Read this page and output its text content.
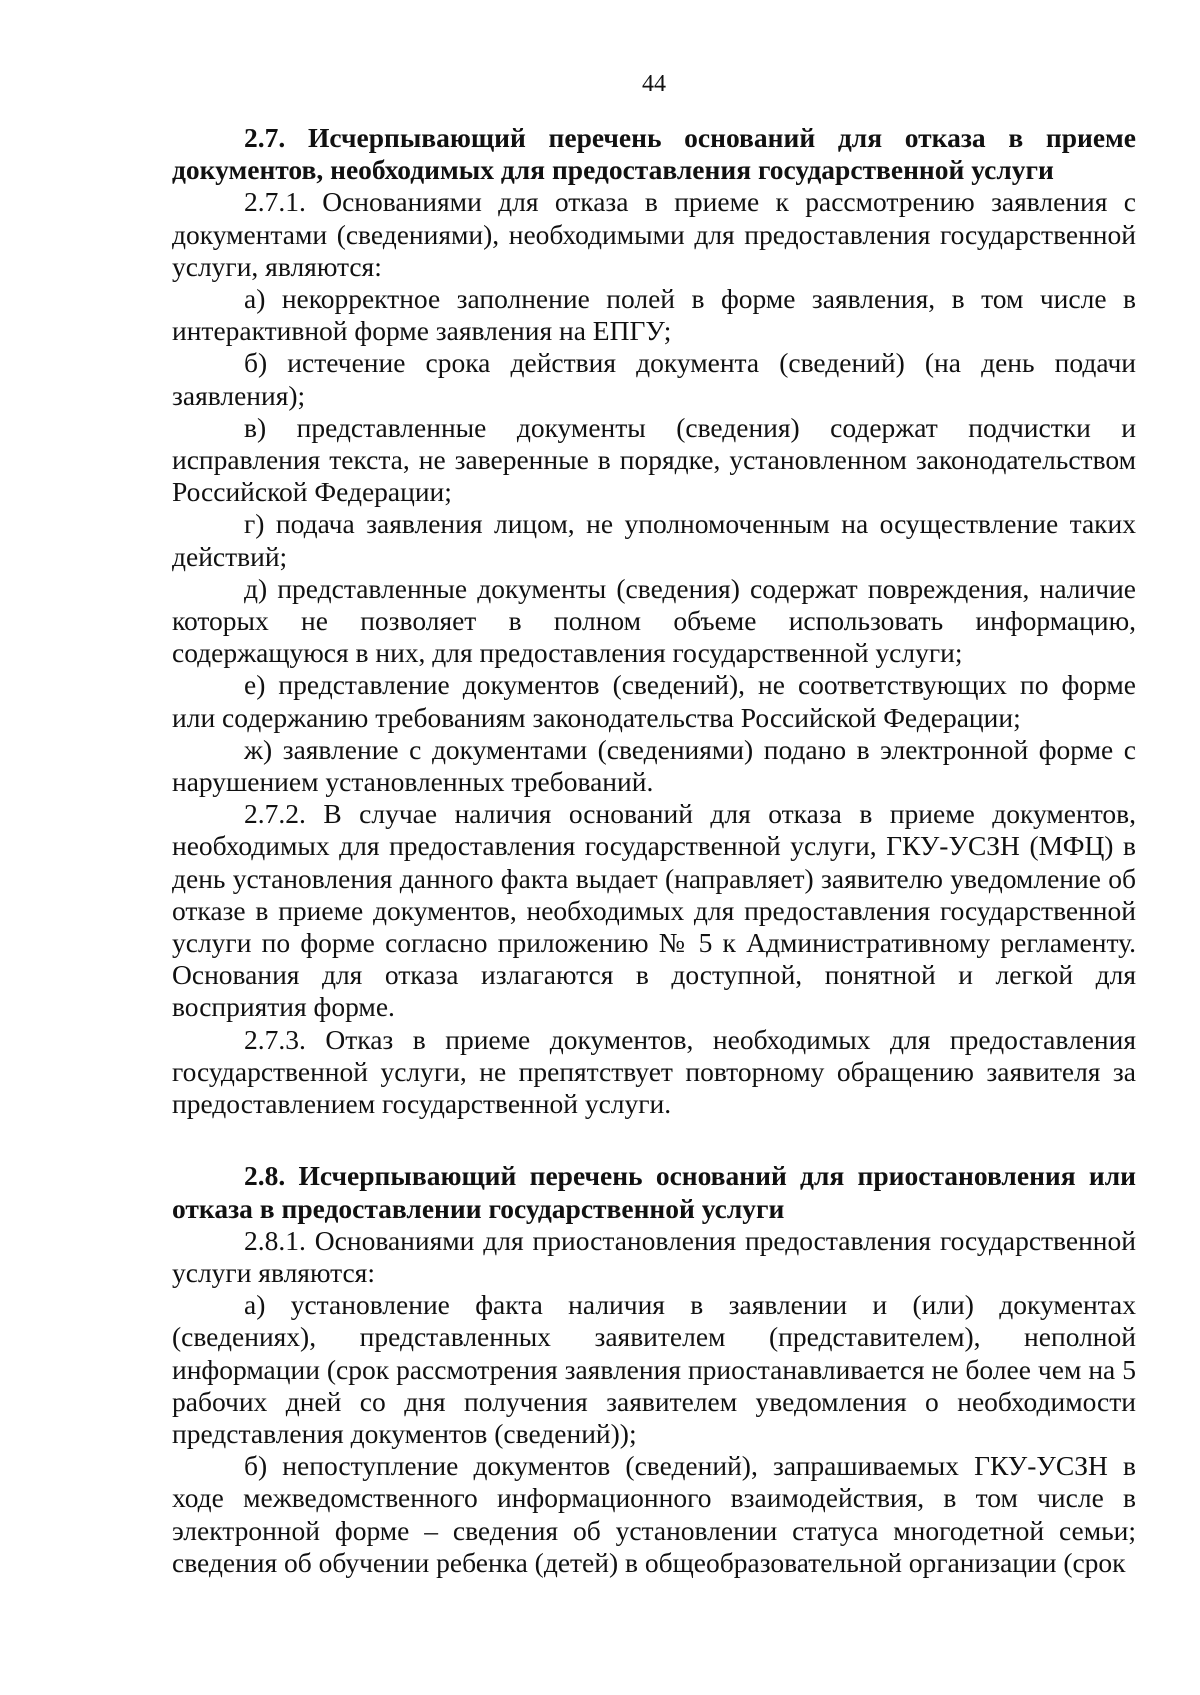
44

2.7. Исчерпывающий перечень оснований для отказа в приеме документов, необходимых для предоставления государственной услуги

2.7.1. Основаниями для отказа в приеме к рассмотрению заявления с документами (сведениями), необходимыми для предоставления государственной услуги, являются:

а) некорректное заполнение полей в форме заявления, в том числе в интерактивной форме заявления на ЕПГУ;

б) истечение срока действия документа (сведений) (на день подачи заявления);

в) представленные документы (сведения) содержат подчистки и исправления текста, не заверенные в порядке, установленном законодательством Российской Федерации;

г) подача заявления лицом, не уполномоченным на осуществление таких действий;

д) представленные документы (сведения) содержат повреждения, наличие которых не позволяет в полном объеме использовать информацию, содержащуюся в них, для предоставления государственной услуги;

е) представление документов (сведений), не соответствующих по форме или содержанию требованиям законодательства Российской Федерации;

ж) заявление с документами (сведениями) подано в электронной форме с нарушением установленных требований.

2.7.2. В случае наличия оснований для отказа в приеме документов, необходимых для предоставления государственной услуги, ГКУ-УСЗН (МФЦ) в день установления данного факта выдает (направляет) заявителю уведомление об отказе в приеме документов, необходимых для предоставления государственной услуги по форме согласно приложению № 5 к Административному регламенту. Основания для отказа излагаются в доступной, понятной и легкой для восприятия форме.

2.7.3. Отказ в приеме документов, необходимых для предоставления государственной услуги, не препятствует повторному обращению заявителя за предоставлением государственной услуги.

2.8. Исчерпывающий перечень оснований для приостановления или отказа в предоставлении государственной услуги

2.8.1. Основаниями для приостановления предоставления государственной услуги являются:

а) установление факта наличия в заявлении и (или) документах (сведениях), представленных заявителем (представителем), неполной информации (срок рассмотрения заявления приостанавливается не более чем на 5 рабочих дней со дня получения заявителем уведомления о необходимости представления документов (сведений));

б) непоступление документов (сведений), запрашиваемых ГКУ-УСЗН в ходе межведомственного информационного взаимодействия, в том числе в электронной форме – сведения об установлении статуса многодетной семьи; сведения об обучении ребенка (детей) в общеобразовательной организации (срок
